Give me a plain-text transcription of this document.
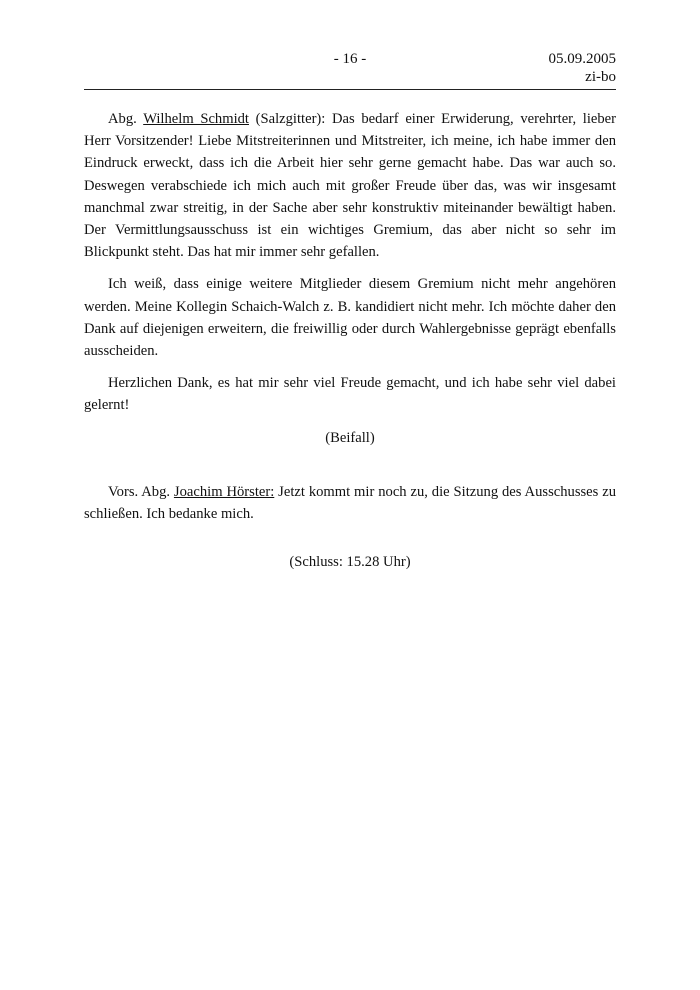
- 16 -	05.09.2005
zi-bo

Abg. Wilhelm Schmidt (Salzgitter): Das bedarf einer Erwiderung, verehrter, lieber Herr Vorsitzender! Liebe Mitstreiterinnen und Mitstreiter, ich meine, ich habe immer den Eindruck erweckt, dass ich die Arbeit hier sehr gerne gemacht habe. Das war auch so. Deswegen verabschiede ich mich auch mit großer Freude über das, was wir insgesamt manchmal zwar streitig, in der Sache aber sehr konstruktiv miteinander bewältigt haben. Der Vermittlungsausschuss ist ein wichtiges Gremium, das aber nicht so sehr im Blickpunkt steht. Das hat mir immer sehr gefallen.

Ich weiß, dass einige weitere Mitglieder diesem Gremium nicht mehr angehören werden. Meine Kollegin Schaich-Walch z. B. kandidiert nicht mehr. Ich möchte daher den Dank auf diejenigen erweitern, die freiwillig oder durch Wahlergebnisse geprägt ebenfalls ausscheiden.

Herzlichen Dank, es hat mir sehr viel Freude gemacht, und ich habe sehr viel dabei gelernt!

(Beifall)

Vors. Abg. Joachim Hörster: Jetzt kommt mir noch zu, die Sitzung des Ausschusses zu schließen. Ich bedanke mich.

(Schluss: 15.28 Uhr)
